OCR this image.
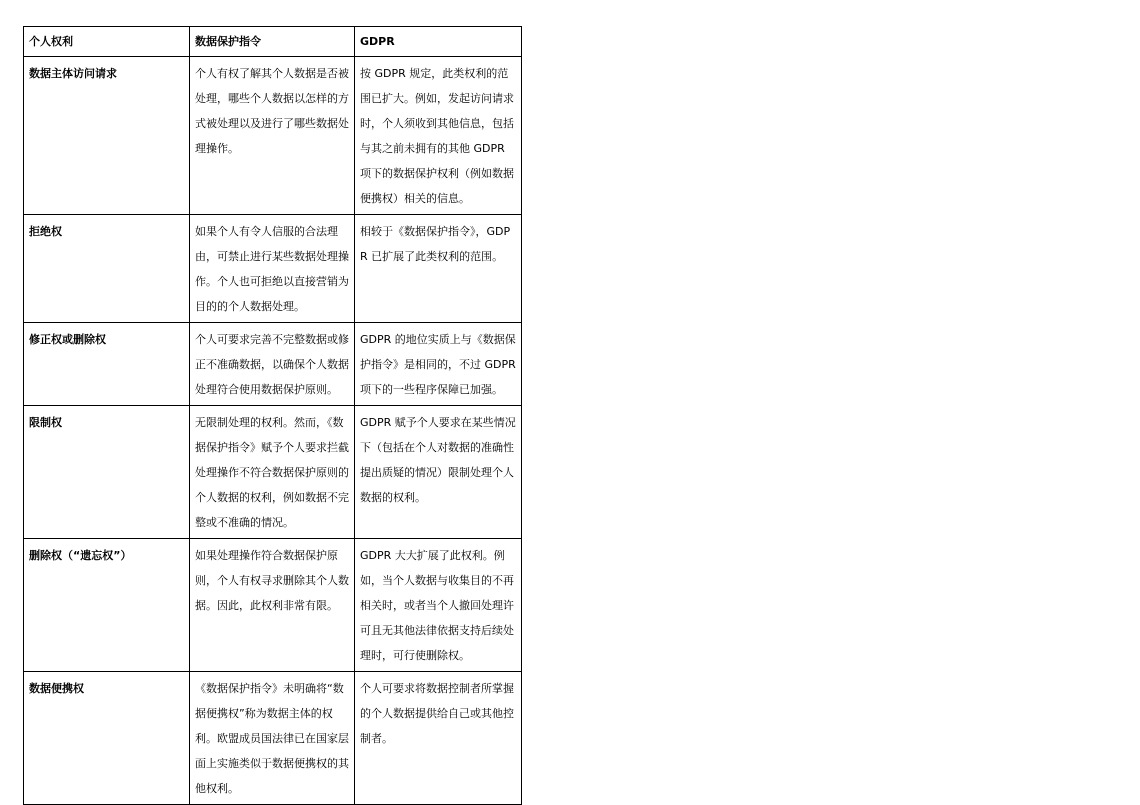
个人权利	数据保护指令	GDPR
数据主体访问请求	个人有权了解其个人数据是否被处理，哪些个人数据以怎样的方式被处理以及进行了哪些数据处理操作。	按 GDPR 规定，此类权利的范围已扩大。例如，发起访问请求时，个人须收到其他信息，包括与其之前未拥有的其他 GDPR 项下的数据保护权利（例如数据便携权）相关的信息。
拒绝权	如果个人有令人信服的合法理由，可禁止进行某些数据处理操作。个人也可拒绝以直接营销为目的的个人数据处理。	相较于《数据保护指令》，GDPR 已扩展了此类权利的范围。
修正权或删除权	个人可要求完善不完整数据或修正不准确数据，以确保个人数据处理符合使用数据保护原则。	GDPR 的地位实质上与《数据保护指令》是相同的，不过 GDPR 项下的一些程序保障已加强。
限制权	无限制处理的权利。然而，《数据保护指令》赋予个人要求拦截处理操作不符合数据保护原则的个人数据的权利，例如数据不完整或不准确的情况。	GDPR 赋予个人要求在某些情况下（包括在个人对数据的准确性提出质疑的情况）限制处理个人数据的权利。
删除权（“遗忘权”）	如果处理操作符合数据保护原则，个人有权寻求删除其个人数据。因此，此权利非常有限。	GDPR 大大扩展了此权利。例如，当个人数据与收集目的不再相关时，或者当个人撤回处理许可且无其他法律依据支持后续处理时，可行使删除权。
数据便携权	《数据保护指令》未明确将“数据便携权”称为数据主体的权利。欧盟成员国法律已在国家层面上实施类似于数据便携权的其他权利。	个人可要求将数据控制者所掌握的个人数据提供给自己或其他控制者。
